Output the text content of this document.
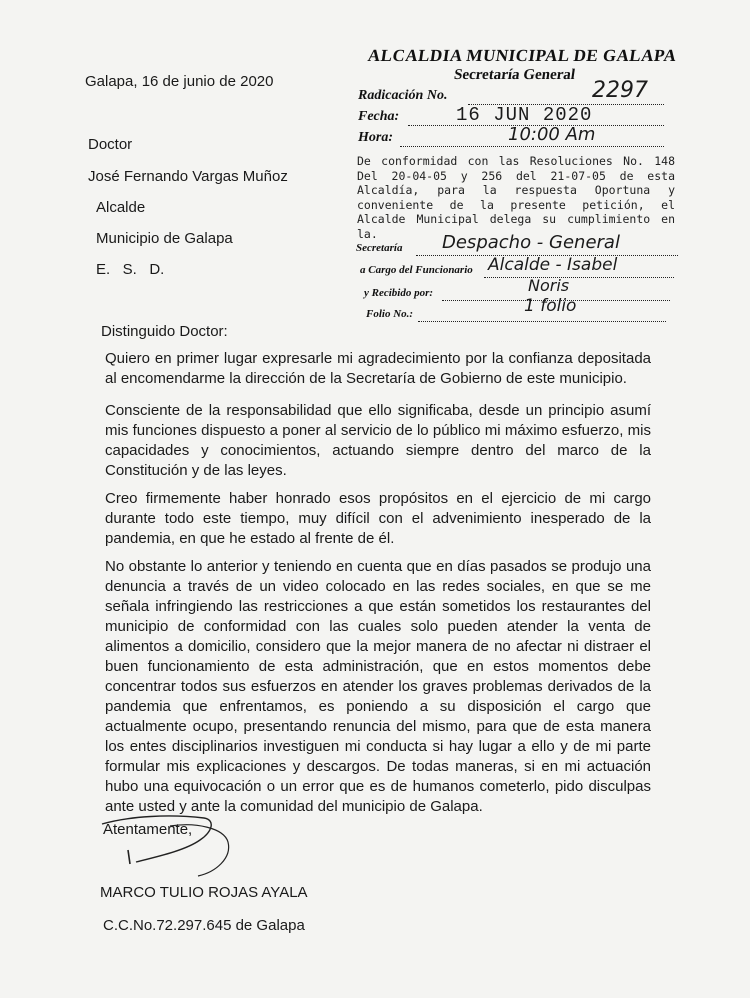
Galapa, 16 de junio de 2020
Doctor
José Fernando Vargas Muñoz
Alcalde
Municipio de Galapa
E.   S.   D.
ALCALDIA MUNICIPAL DE GALAPA
Secretaría General
Radicación No.	2297
Fecha:	16 JUN 2020
Hora:	10:00 Am
De conformidad con las Resoluciones No. 148 Del 20-04-05 y 256 del 21-07-05 de esta Alcaldía, para la respuesta Oportuna y conveniente de la presente petición, el Alcalde Municipal delega su cumplimiento en la.
Secretaría Despacho - General
a Cargo del Funcionario Alcalde - Isabel
y Recibido por:	Noris
Folio No.:	1 folio
Distinguido Doctor:
Quiero en primer lugar expresarle mi agradecimiento por la confianza depositada al encomendarme la dirección de la Secretaría de Gobierno de este municipio.
Consciente de la responsabilidad que ello significaba, desde un principio asumí mis funciones dispuesto a poner al servicio de lo público mi máximo esfuerzo, mis capacidades y conocimientos, actuando siempre dentro del marco de la Constitución y de las leyes.
Creo firmemente haber honrado esos propósitos en el ejercicio de mi cargo durante todo este tiempo, muy difícil con el advenimiento inesperado de la pandemia, en que he estado al frente de él.
No obstante lo anterior y teniendo en cuenta que en días pasados se produjo una denuncia a través de un video colocado en las redes sociales, en que se me señala infringiendo las restricciones a que están sometidos los restaurantes del municipio de conformidad con las cuales solo pueden atender la venta de alimentos a domicilio, considero que la mejor manera de no afectar ni distraer el buen funcionamiento de esta administración, que en estos momentos debe concentrar todos sus esfuerzos en atender los graves problemas derivados de la pandemia que enfrentamos, es poniendo a su disposición el cargo que actualmente ocupo, presentando renuncia del mismo, para que de esta manera los entes disciplinarios investiguen mi conducta si hay lugar a ello y de mi parte formular mis explicaciones y descargos. De todas maneras, si en mi actuación hubo una equivocación o un error que es de humanos cometerlo, pido disculpas ante usted y ante la comunidad del municipio de Galapa.
Atentamente,
MARCO TULIO ROJAS AYALA
C.C.No.72.297.645 de Galapa
